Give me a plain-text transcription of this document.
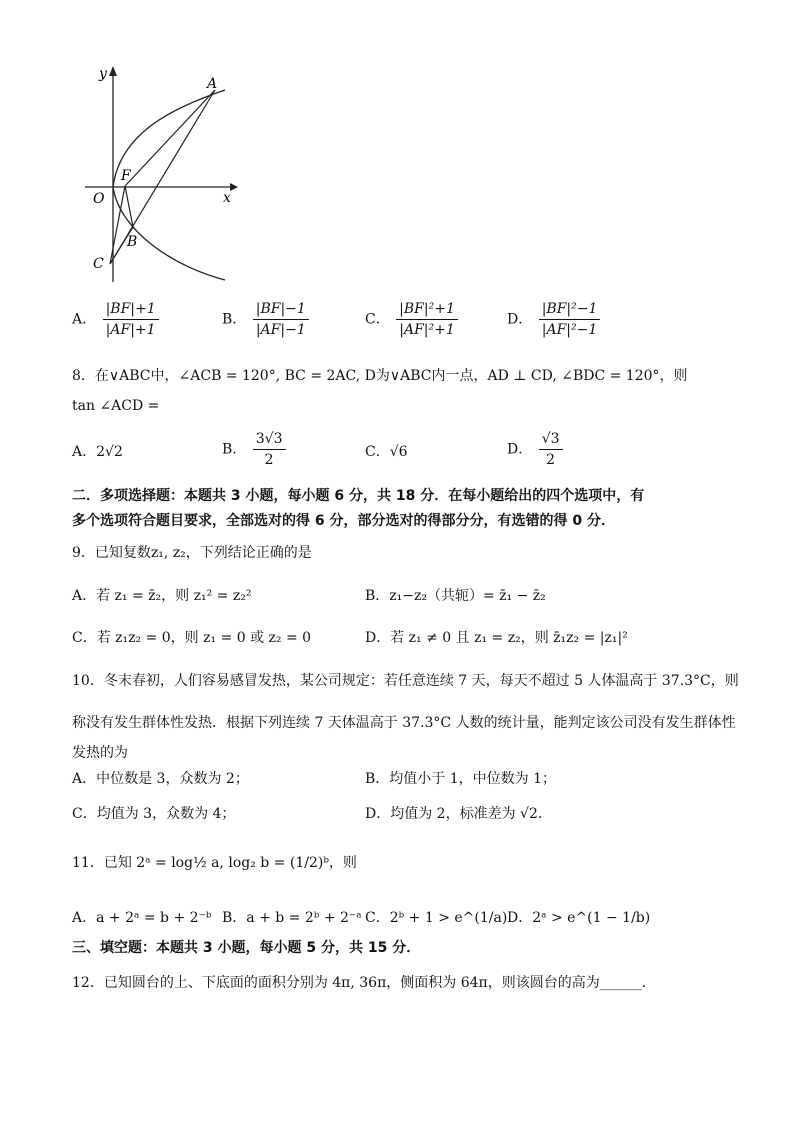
y
x
O
F
A
B
C
A． $\frac{|BF|+1}{|AF|+1}$	B． $\frac{|BF|-1}{|AF|-1}$	C． $\frac{\text{|BF|²+1}}{\text{|AF|²+1}}$	D． $\frac{\text{|BF|²−1}}{\text{|AF|²−1}}$
8．在∨ABC中，∠ACB = 120°, BC = 2AC, D为∨ABC内一点，AD ⊥ CD, ∠BDC = 120°，则
tan ∠ACD =
A．2√2	B． $\frac{3√3}{2}$	C．√6	D． $\frac{√3}{2}$
二．多项选择题：本题共 3 小题，每小题 6 分，共 18 分．在每小题给出的四个选项中，有
多个选项符合题目要求，全部选对的得 6 分，部分选对的得部分分，有选错的得 0 分．
9．已知复数z₁, z₂，下列结论正确的是
A．若 z₁ = z̄₂，则 z₁² = z₂²	B．z₁−z₂（共轭）= z̄₁ − z̄₂
C．若 z₁z₂ = 0，则 z₁ = 0 或 z₂ = 0	D．若 z₁ ≠ 0 且 z₁ = z₂，则 z̄₁z₂ = |z₁|²
10．冬末春初，人们容易感冒发热，某公司规定：若任意连续 7 天，每天不超过 5 人体温高于 37.3°C，则
称没有发生群体性发热．根据下列连续 7 天体温高于 37.3°C 人数的统计量，能判定该公司没有发生群体性
发热的为
A．中位数是 3，众数为 2；	B．均值小于 1，中位数为 1；
C．均值为 3，众数为 4；	D．均值为 2，标准差为 √2．
11．已知 2ᵃ = log½ a, log₂ b = (1/2)ᵇ，则
A．a + 2ᵃ = b + 2⁻ᵇ B．a + b = 2ᵇ + 2⁻ᵃ C．2ᵇ + 1 > e^(1/a) D．2ᵃ > e^(1 − 1/b)
三、填空题：本题共 3 小题，每小题 5 分，共 15 分．
12．已知圆台的上、下底面的面积分别为 4π, 36π，侧面积为 64π，则该圆台的高为______．
